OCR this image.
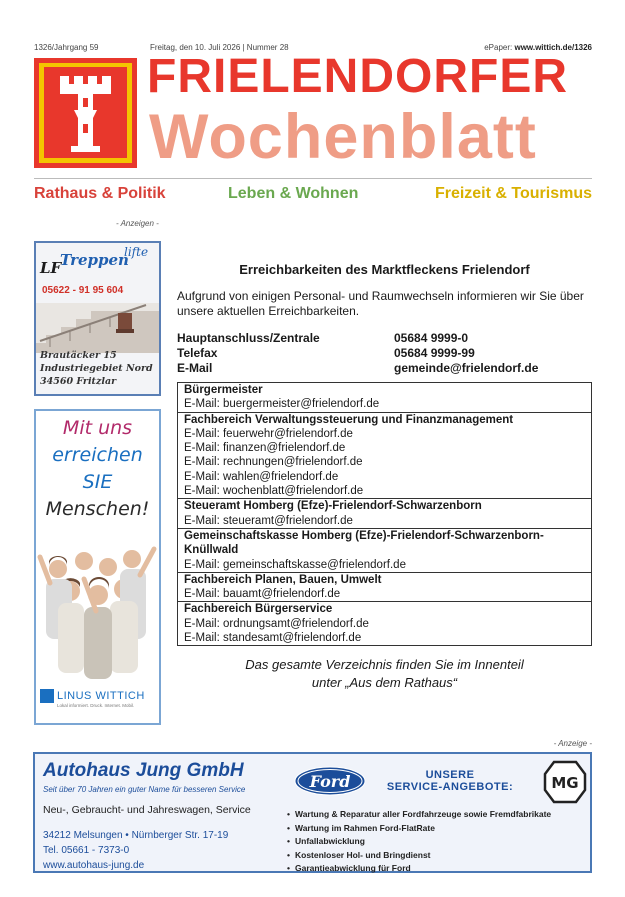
1326/Jahrgang 59	Freitag, den 10. Juli 2026 | Nummer 28	ePaper: www.wittich.de/1326
FRIELENDORFER
Wochenblatt
Rathaus & Politik	Leben & Wohnen	Freizeit & Tourismus
- Anzeigen -
lifte
Treppen
LF
05622 - 91 95 604
Brautäcker 15
Industriegebiet Nord
34560 Fritzlar
Mit uns
erreichen
SIE
Menschen!
LINUS WITTICH
Lokal informiert. Druck. Internet. Mobil.
Erreichbarkeiten des Marktfleckens Frielendorf
Aufgrund von einigen Personal- und Raumwechseln informieren wir Sie über unsere aktuellen Erreichbarkeiten.
Hauptanschluss/Zentrale	05684 9999-0
Telefax	05684 9999-99
E-Mail	gemeinde@frielendorf.de
Bürgermeister
E-Mail: buergermeister@frielendorf.de
Fachbereich Verwaltungssteuerung und Finanzmanagement
E-Mail: feuerwehr@frielendorf.de
E-Mail: finanzen@frielendorf.de
E-Mail: rechnungen@frielendorf.de
E-Mail: wahlen@frielendorf.de
E-Mail: wochenblatt@frielendorf.de
Steueramt Homberg (Efze)-Frielendorf-Schwarzenborn
E-Mail: steueramt@frielendorf.de
Gemeinschaftskasse Homberg (Efze)-Frielendorf-Schwarzenborn-Knüllwald
E-Mail: gemeinschaftskasse@frielendorf.de
Fachbereich Planen, Bauen, Umwelt
E-Mail: bauamt@frielendorf.de
Fachbereich Bürgerservice
E-Mail: ordnungsamt@frielendorf.de
E-Mail: standesamt@frielendorf.de
Das gesamte Verzeichnis finden Sie im Innenteil
unter „Aus dem Rathaus“
- Anzeige -
Autohaus Jung GmbH
Seit über 70 Jahren ein guter Name für besseren Service
Neu-, Gebraucht- und Jahreswagen, Service
34212 Melsungen • Nürnberger Str. 17-19
Tel. 05661 - 7373-0
www.autohaus-jung.de
Ford	UNSERE
SERVICE-ANGEBOTE:	MG
• Wartung & Reparatur aller Fordfahrzeuge sowie Fremdfabrikate
• Wartung im Rahmen Ford-FlatRate
• Unfallabwicklung
• Kostenloser Hol- und Bringdienst
• Garantieabwicklung für Ford
